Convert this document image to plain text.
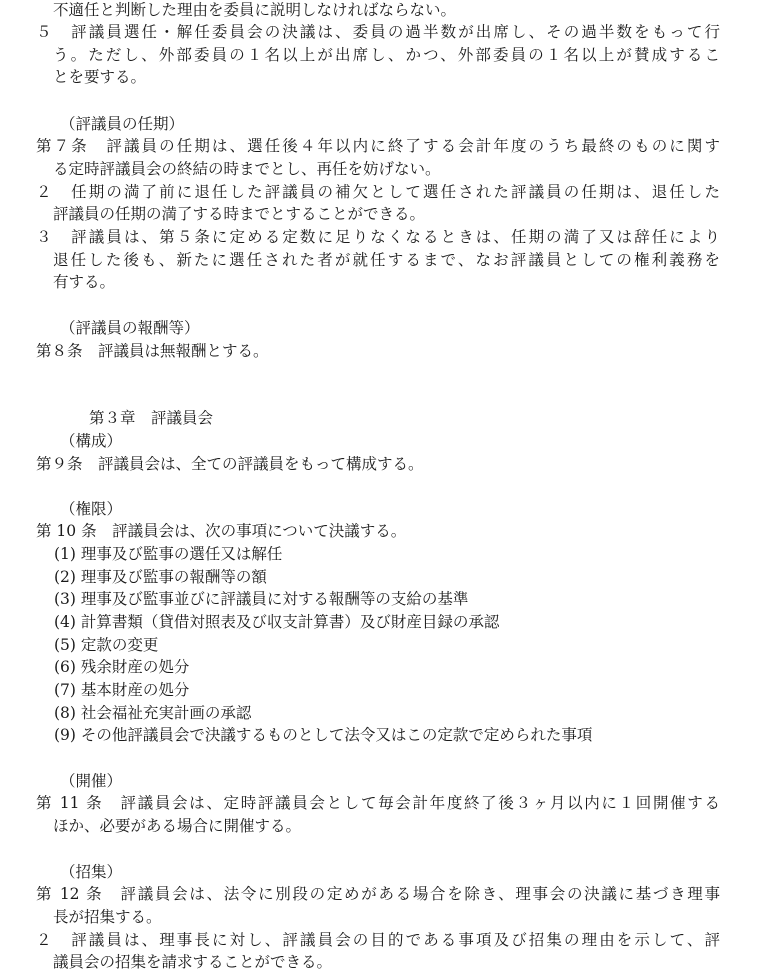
不適任と判断した理由を委員に説明しなければならない。
５　評議員選任・解任委員会の決議は、委員の過半数が出席し、その過半数をもって行
う。ただし、外部委員の１名以上が出席し、かつ、外部委員の１名以上が賛成するこ
とを要する。
（評議員の任期）
第７条　評議員の任期は、選任後４年以内に終了する会計年度のうち最終のものに関す
る定時評議員会の終結の時までとし、再任を妨げない。
２　任期の満了前に退任した評議員の補欠として選任された評議員の任期は、退任した
評議員の任期の満了する時までとすることができる。
３　評議員は、第５条に定める定数に足りなくなるときは、任期の満了又は辞任により
退任した後も、新たに選任された者が就任するまで、なお評議員としての権利義務を
有する。
（評議員の報酬等）
第８条　評議員は無報酬とする。
第３章　評議員会
（構成）
第９条　評議員会は、全ての評議員をもって構成する。
（権限）
第 10 条　評議員会は、次の事項について決議する。
(1) 理事及び監事の選任又は解任
(2) 理事及び監事の報酬等の額
(3) 理事及び監事並びに評議員に対する報酬等の支給の基準
(4) 計算書類（貸借対照表及び収支計算書）及び財産目録の承認
(5) 定款の変更
(6) 残余財産の処分
(7) 基本財産の処分
(8) 社会福祉充実計画の承認
(9) その他評議員会で決議するものとして法令又はこの定款で定められた事項
（開催）
第 11 条　評議員会は、定時評議員会として毎会計年度終了後３ヶ月以内に１回開催する
ほか、必要がある場合に開催する。
（招集）
第 12 条　評議員会は、法令に別段の定めがある場合を除き、理事会の決議に基づき理事
長が招集する。
２　評議員は、理事長に対し、評議員会の目的である事項及び招集の理由を示して、評
議員会の招集を請求することができる。
